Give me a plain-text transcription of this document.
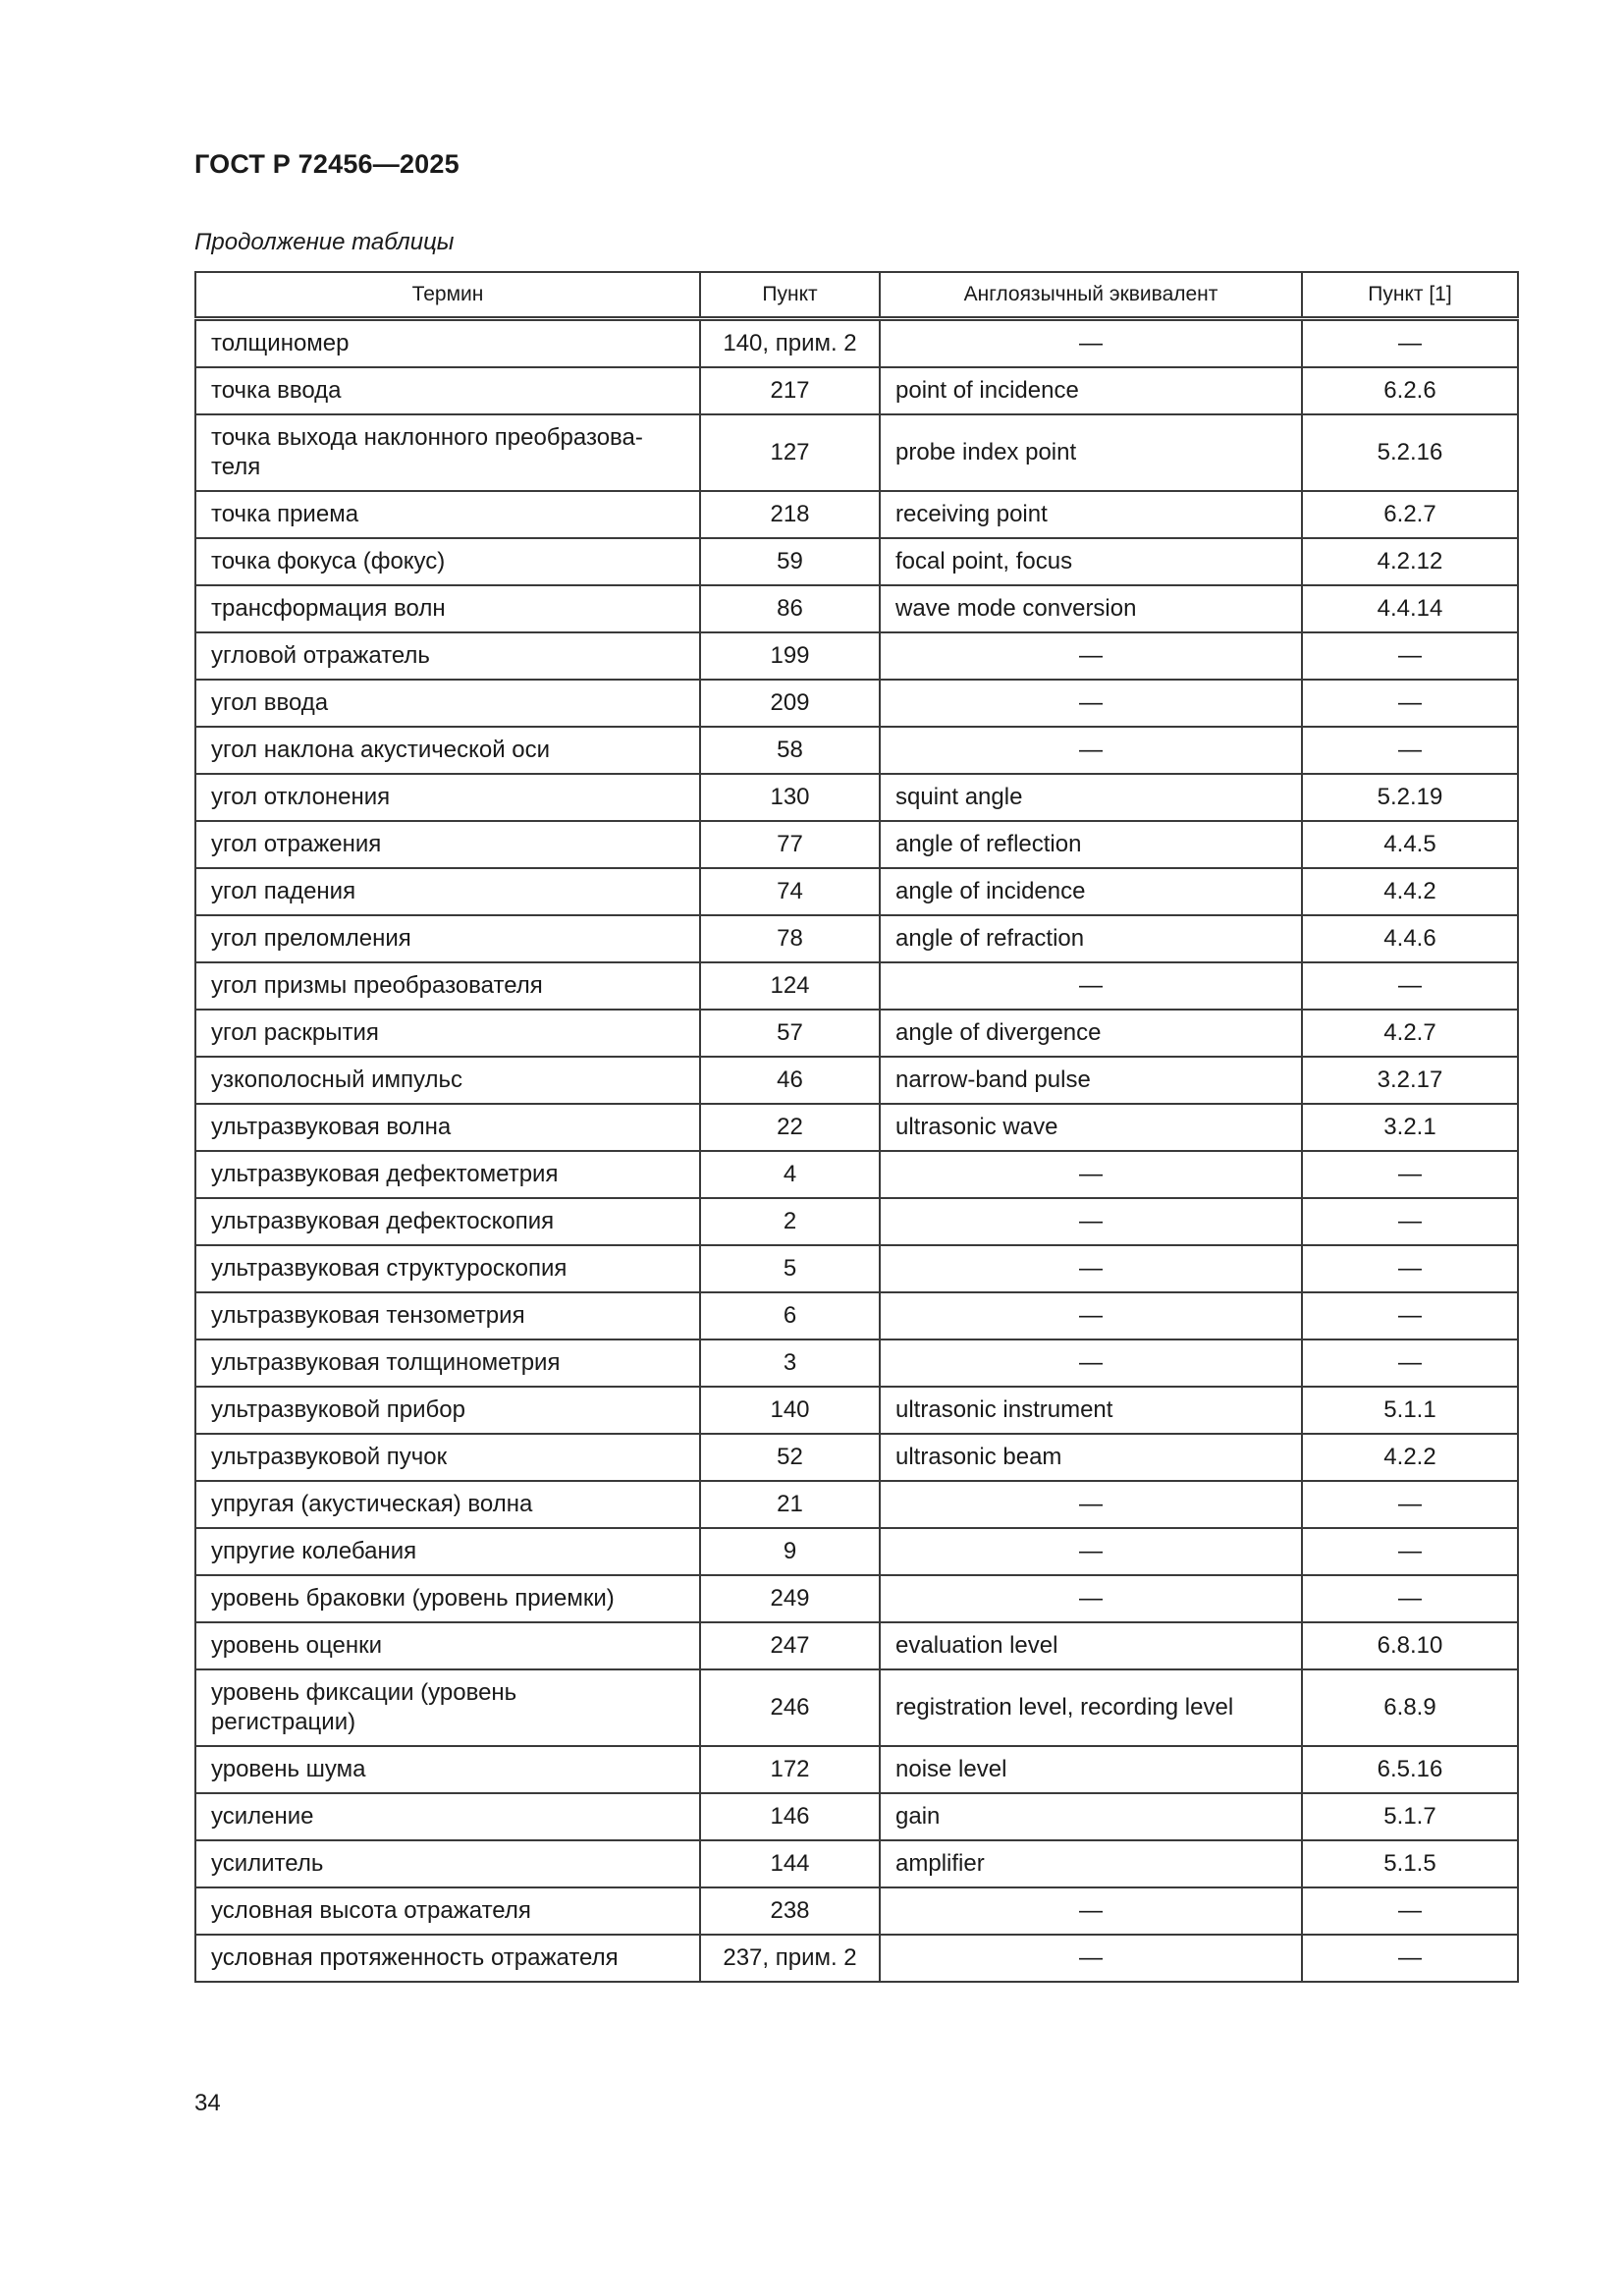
ГОСТ Р 72456—2025
Продолжение таблицы
Термин	Пункт	Англоязычный эквивалент	Пункт [1]
толщиномер	140, прим. 2	—	—
точка ввода	217	point of incidence	6.2.6
точка выхода наклонного преобразова-
теля	127	probe index point	5.2.16
точка приема	218	receiving point	6.2.7
точка фокуса (фокус)	59	focal point, focus	4.2.12
трансформация волн	86	wave mode conversion	4.4.14
угловой отражатель	199	—	—
угол ввода	209	—	—
угол наклона акустической оси	58	—	—
угол отклонения	130	squint angle	5.2.19
угол отражения	77	angle of reflection	4.4.5
угол падения	74	angle of incidence	4.4.2
угол преломления	78	angle of refraction	4.4.6
угол призмы преобразователя	124	—	—
угол раскрытия	57	angle of divergence	4.2.7
узкополосный импульс	46	narrow-band pulse	3.2.17
ультразвуковая волна	22	ultrasonic wave	3.2.1
ультразвуковая дефектометрия	4	—	—
ультразвуковая дефектоскопия	2	—	—
ультразвуковая структуроскопия	5	—	—
ультразвуковая тензометрия	6	—	—
ультразвуковая толщинометрия	3	—	—
ультразвуковой прибор	140	ultrasonic instrument	5.1.1
ультразвуковой пучок	52	ultrasonic beam	4.2.2
упругая (акустическая) волна	21	—	—
упругие колебания	9	—	—
уровень браковки (уровень приемки)	249	—	—
уровень оценки	247	evaluation level	6.8.10
уровень фиксации (уровень
регистрации)	246	registration level, recording level	6.8.9
уровень шума	172	noise level	6.5.16
усиление	146	gain	5.1.7
усилитель	144	amplifier	5.1.5
условная высота отражателя	238	—	—
условная протяженность отражателя	237, прим. 2	—	—
34
